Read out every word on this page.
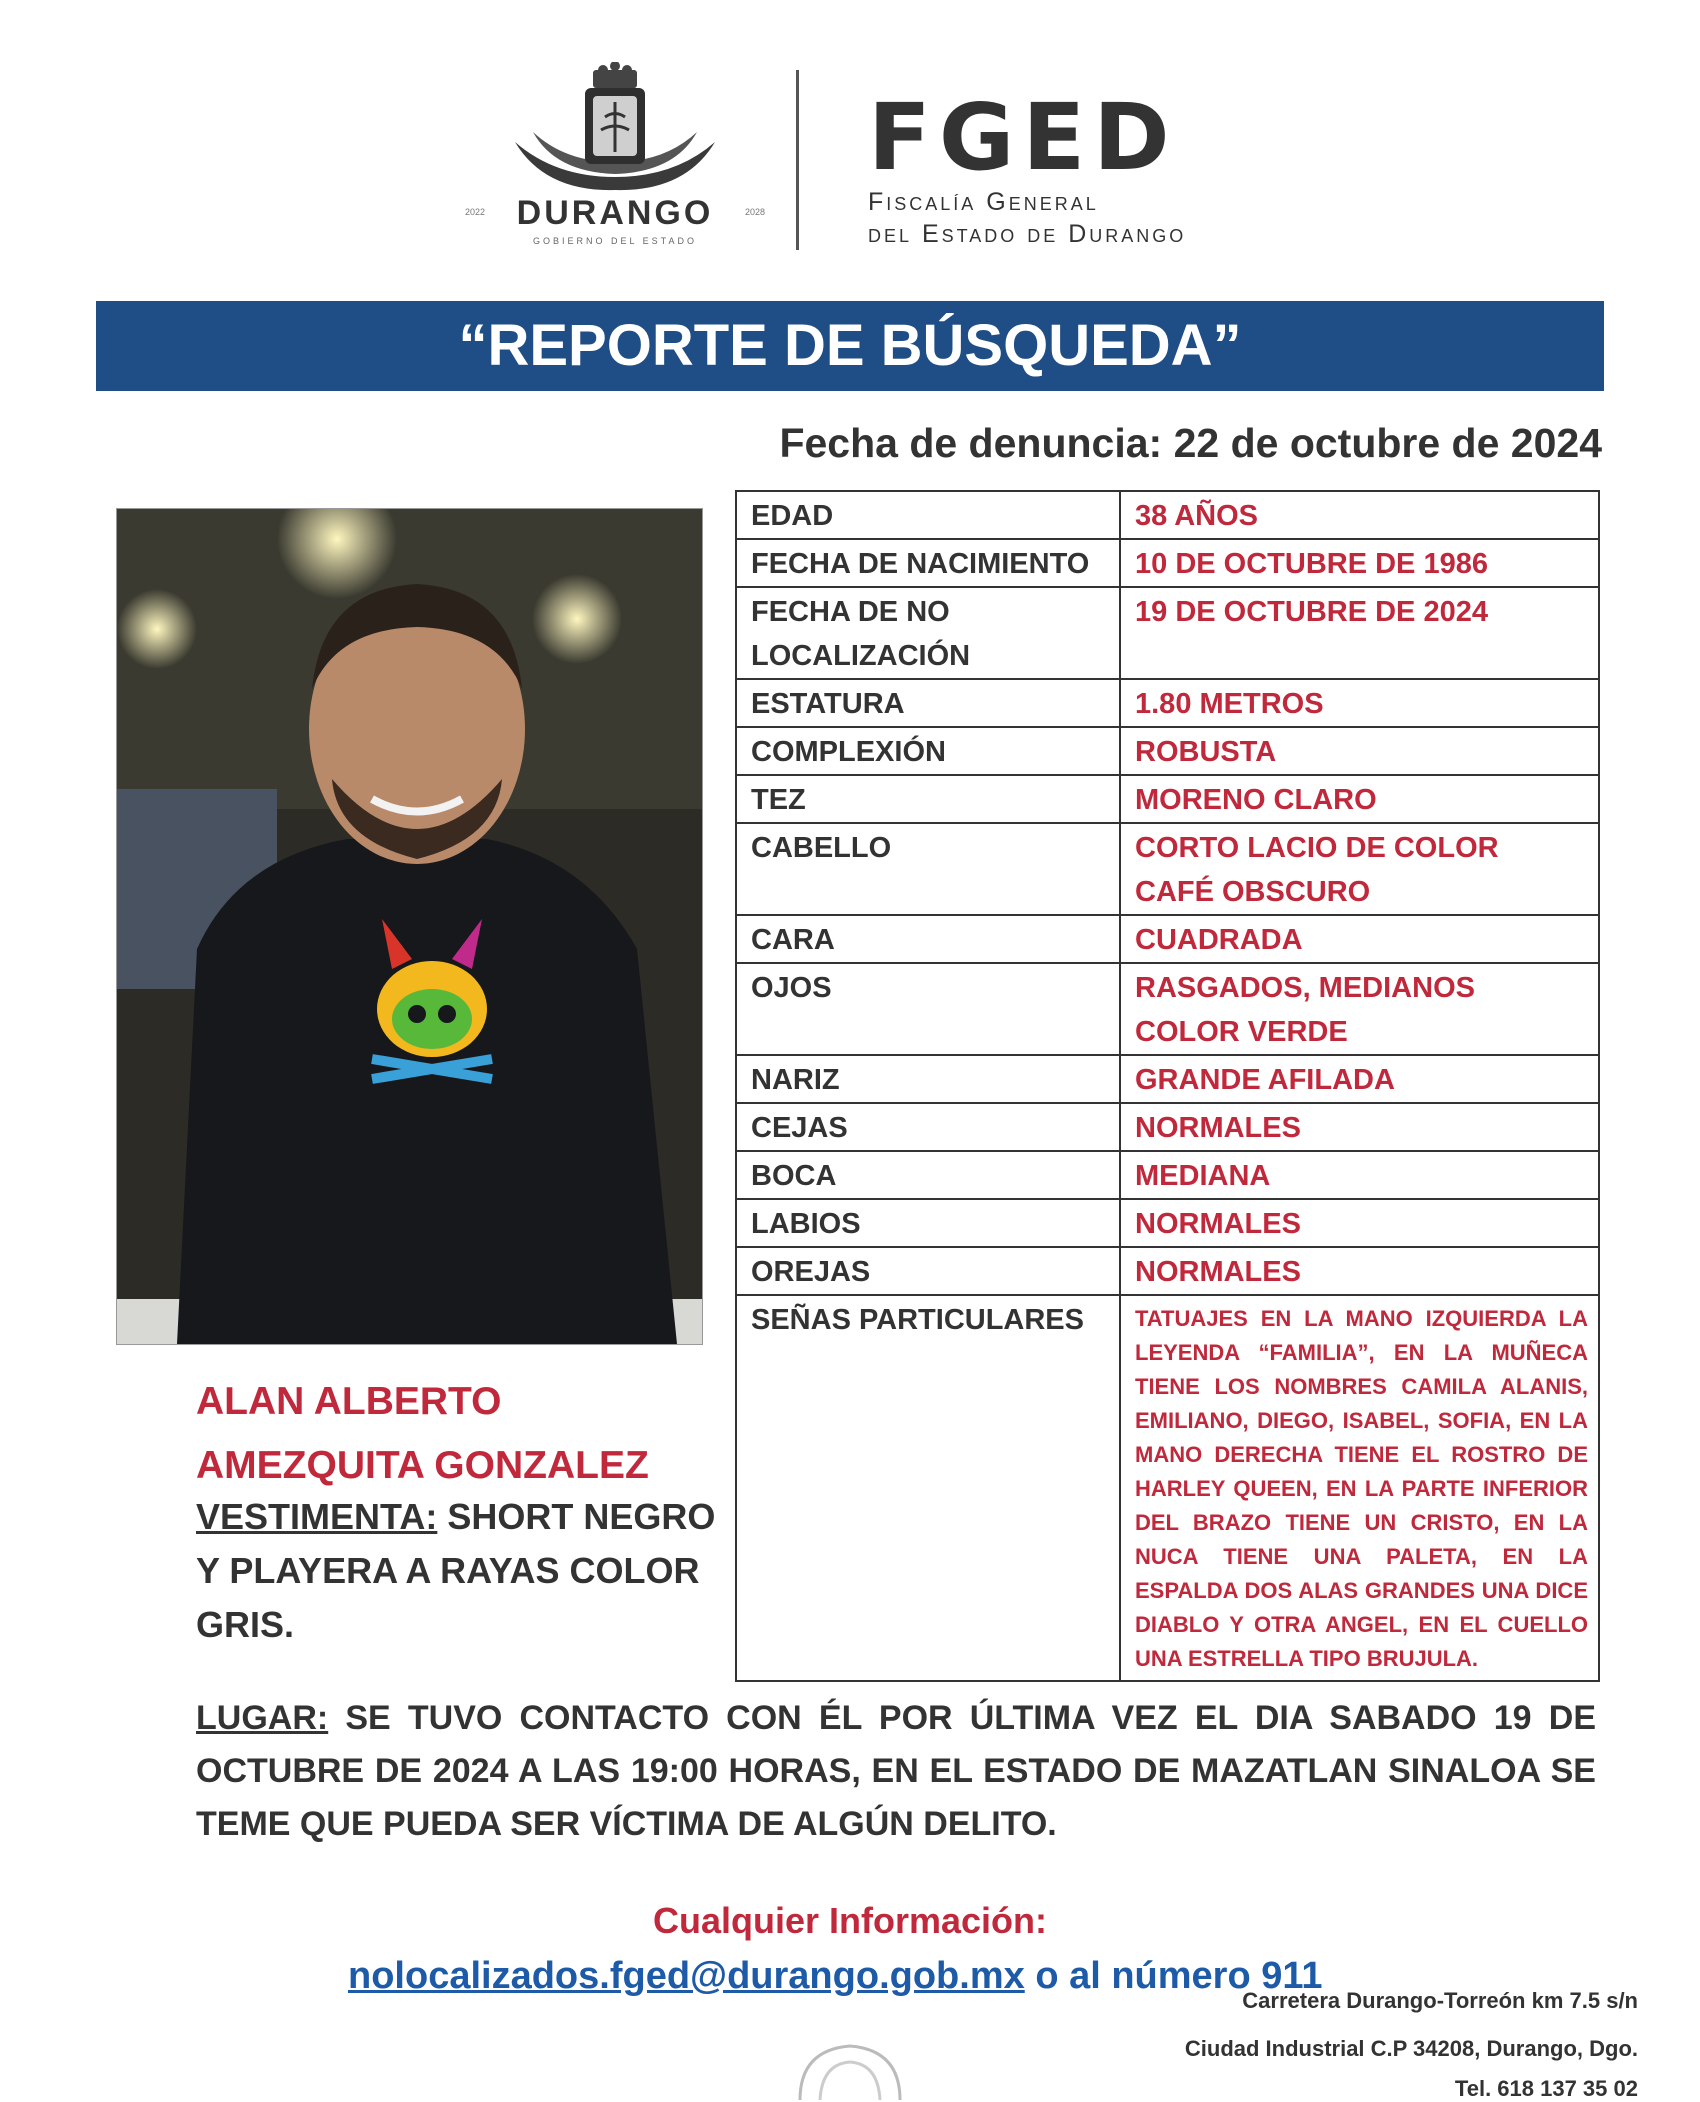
2022 DURANGO	2028
GOBIERNO DEL ESTADO
FGED
Fiscalía General
del Estado de Durango
“REPORTE DE BÚSQUEDA”
Fecha de denuncia: 22 de octubre de 2024
ALAN ALBERTO
AMEZQUITA GONZALEZ
VESTIMENTA: SHORT NEGRO Y PLAYERA A RAYAS COLOR GRIS.
EDAD	38 AÑOS
FECHA DE NACIMIENTO	10 DE OCTUBRE DE 1986
FECHA DE NO LOCALIZACIÓN	19 DE OCTUBRE DE 2024
ESTATURA	1.80 METROS
COMPLEXIÓN	ROBUSTA
TEZ	MORENO CLARO
CABELLO	CORTO LACIO DE COLOR CAFÉ OBSCURO
CARA	CUADRADA
OJOS	RASGADOS, MEDIANOS COLOR VERDE
NARIZ	GRANDE AFILADA
CEJAS	NORMALES
BOCA	MEDIANA
LABIOS	NORMALES
OREJAS	NORMALES
SEÑAS PARTICULARES	TATUAJES EN LA MANO IZQUIERDA LA LEYENDA “FAMILIA”, EN LA MUÑECA TIENE LOS NOMBRES CAMILA ALANIS, EMILIANO, DIEGO, ISABEL, SOFIA, EN LA MANO DERECHA TIENE EL ROSTRO DE HARLEY QUEEN, EN LA PARTE INFERIOR DEL BRAZO TIENE UN CRISTO, EN LA NUCA TIENE UNA PALETA, EN LA ESPALDA DOS ALAS GRANDES UNA DICE DIABLO Y OTRA ANGEL, EN EL CUELLO UNA ESTRELLA TIPO BRUJULA.
LUGAR: SE TUVO CONTACTO CON ÉL POR ÚLTIMA VEZ EL DIA SABADO 19 DE OCTUBRE DE 2024 A LAS 19:00 HORAS, EN EL ESTADO DE MAZATLAN SINALOA SE TEME QUE PUEDA SER VÍCTIMA DE ALGÚN DELITO.
Cualquier Información:
nolocalizados.fged@durango.gob.mx o al número 911
Carretera Durango-Torreón km 7.5 s/n
Ciudad Industrial C.P 34208, Durango, Dgo.
Tel. 618 137 35 02
